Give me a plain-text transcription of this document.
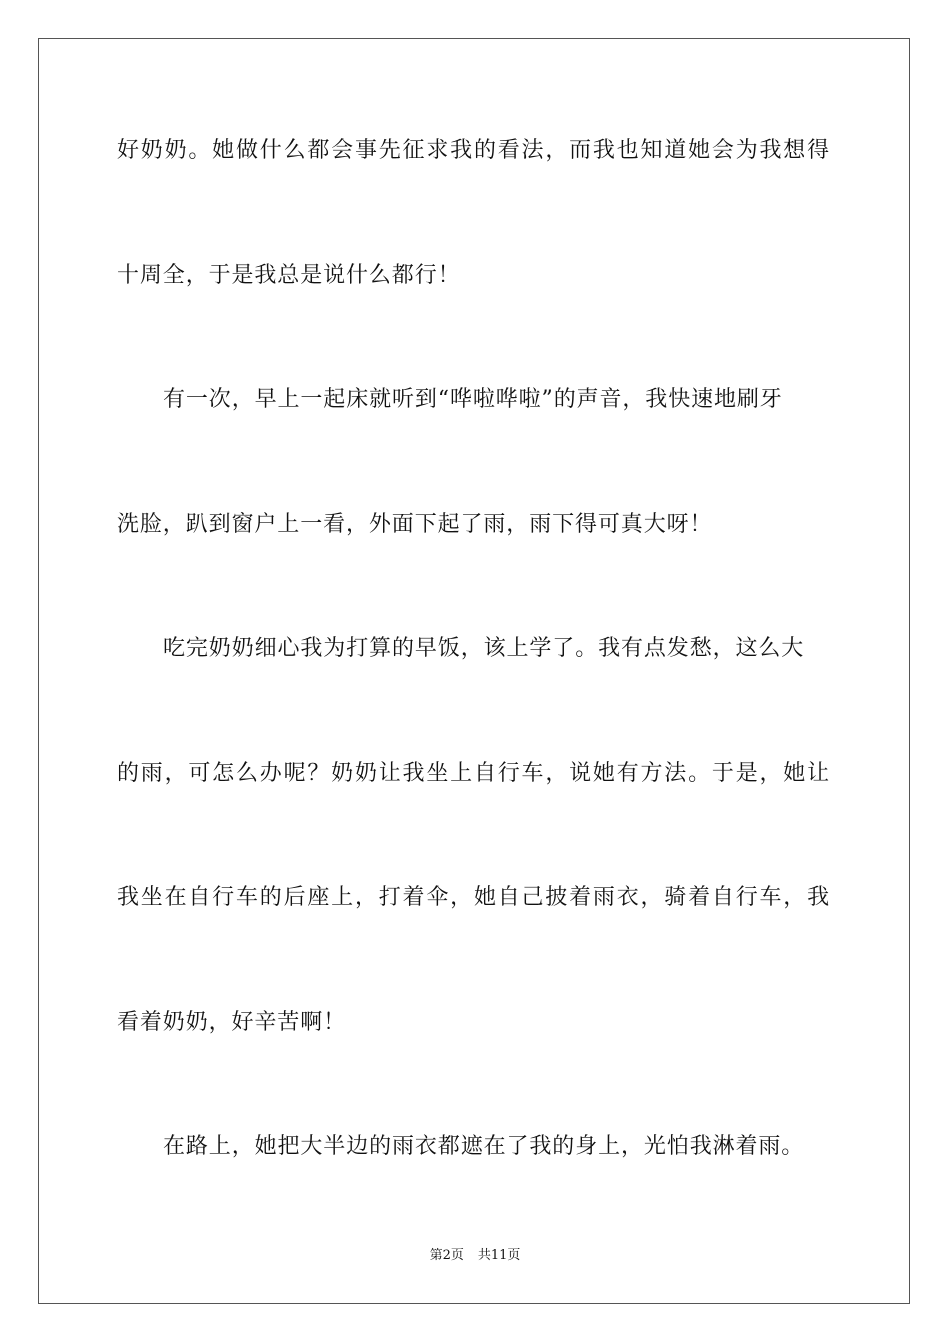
好奶奶。她做什么都会事先征求我的看法，而我也知道她会为我想得
十周全，于是我总是说什么都行！
有一次，早上一起床就听到“哗啦哗啦”的声音，我快速地刷牙
洗脸，趴到窗户上一看，外面下起了雨，雨下得可真大呀！
吃完奶奶细心我为打算的早饭，该上学了。我有点发愁，这么大
的雨，可怎么办呢？奶奶让我坐上自行车，说她有方法。于是，她让
我坐在自行车的后座上，打着伞，她自己披着雨衣，骑着自行车，我
看着奶奶，好辛苦啊！
在路上，她把大半边的雨衣都遮在了我的身上，光怕我淋着雨。
第2页 共11页
